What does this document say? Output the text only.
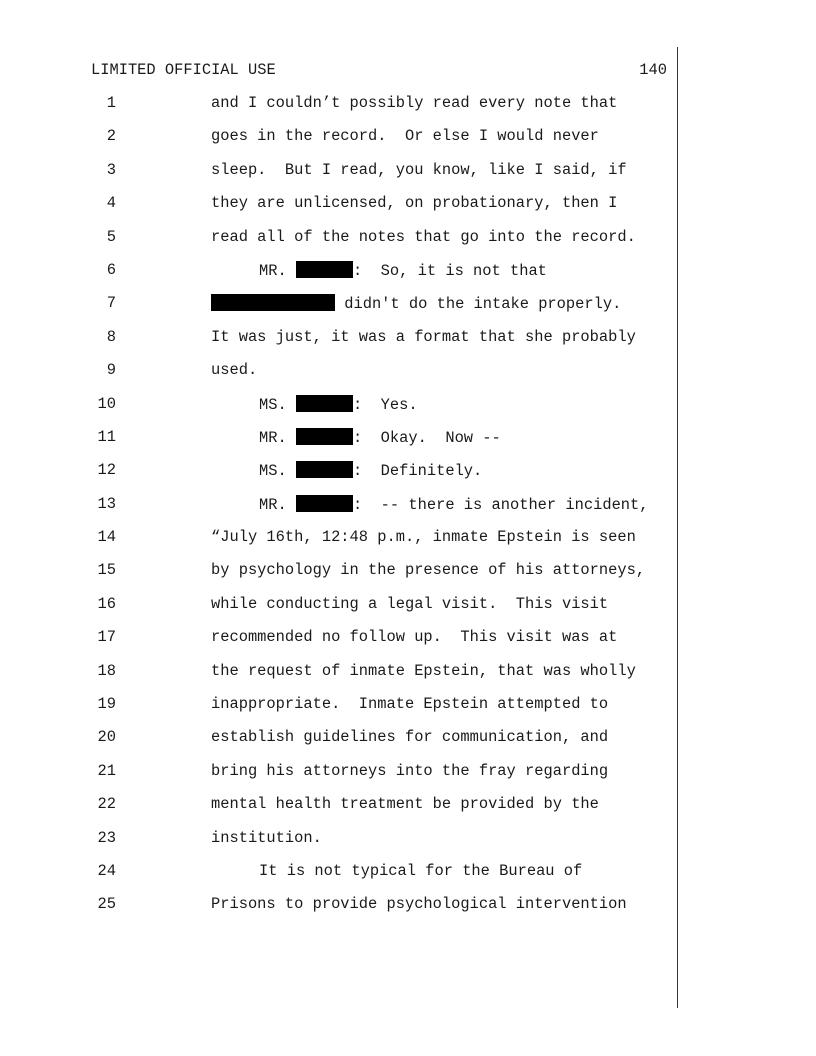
LIMITED OFFICIAL USE	140
1	and I couldn’t possibly read every note that
2	goes in the record.  Or else I would never
3	sleep.  But I read, you know, like I said, if
4	they are unlicensed, on probationary, then I
5	read all of the notes that go into the record.
6	MR.	:  So, it is not that
7	didn't do the intake properly.
8	It was just, it was a format that she probably
9	used.
10	MS.	:  Yes.
11	MR.	:  Okay.  Now --
12	MS.	:  Definitely.
13	MR.	:  -- there is another incident,
14	“July 16th, 12:48 p.m., inmate Epstein is seen
15	by psychology in the presence of his attorneys,
16	while conducting a legal visit.  This visit
17	recommended no follow up.  This visit was at
18	the request of inmate Epstein, that was wholly
19	inappropriate.  Inmate Epstein attempted to
20	establish guidelines for communication, and
21	bring his attorneys into the fray regarding
22	mental health treatment be provided by the
23	institution.
24	It is not typical for the Bureau of
25	Prisons to provide psychological intervention
